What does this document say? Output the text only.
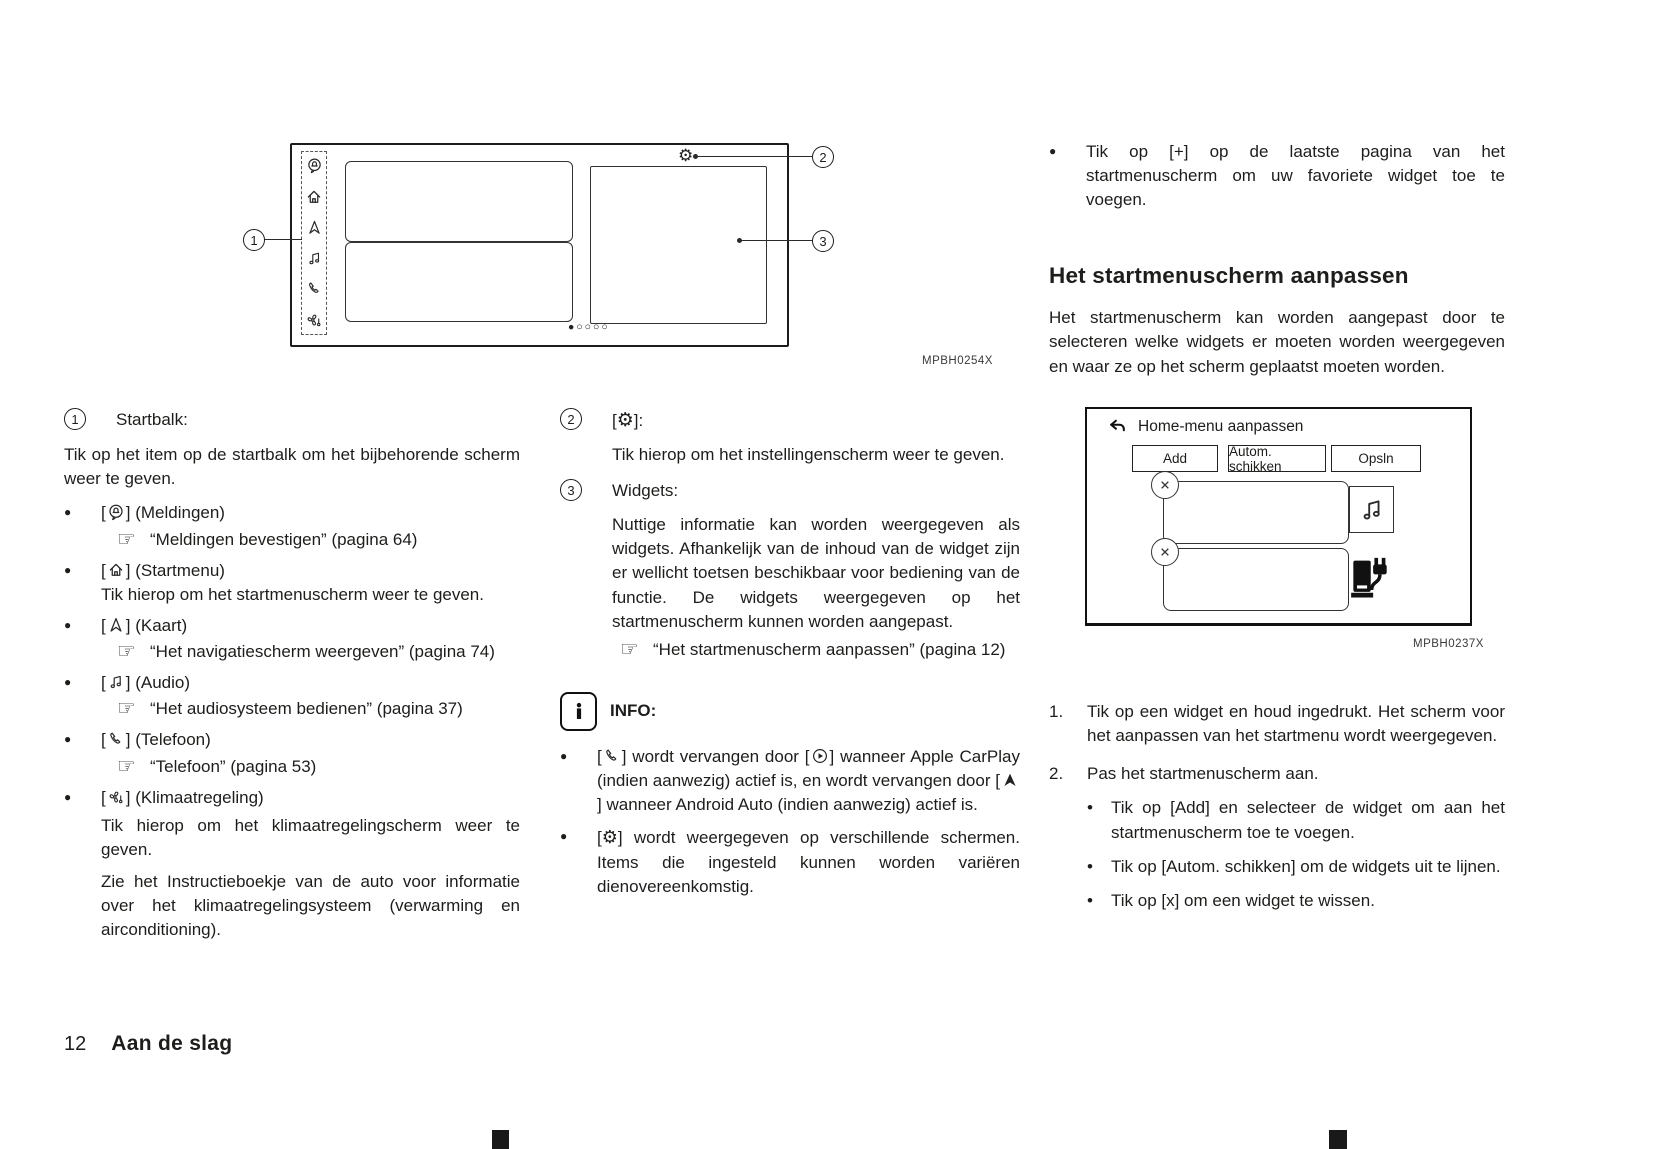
⚙
●○○○○
1
2
3
MPBH0254X
1	Startbalk:
Tik op het item op de startbalk om het bijbehorende scherm weer te geven.
●	[ ] (Meldingen)
☞ “Meldingen bevestigen” (pagina 64)
●	[ ] (Startmenu)
Tik hierop om het startmenuscherm weer te geven.
●	[ ] (Kaart)
☞ “Het navigatiescherm weergeven” (pagina 74)
●	[ ] (Audio)
☞ “Het audiosysteem bedienen” (pagina 37)
●	[ ] (Telefoon)
☞ “Telefoon” (pagina 53)
●	[ ] (Klimaatregeling)
Tik hierop om het klimaatregelingscherm weer te geven.
Zie het Instructieboekje van de auto voor informatie over het klimaatregelingsysteem (verwarming en airconditioning).
2	[⚙]:
Tik hierop om het instellingenscherm weer te geven.
3	Widgets:
Nuttige informatie kan worden weergegeven als widgets. Afhankelijk van de inhoud van de widget zijn er wellicht toetsen beschikbaar voor bediening van de functie. De widgets weergegeven op het startmenuscherm kunnen worden aangepast.
☞ “Het startmenuscherm aanpassen” (pagina 12)
INFO:
●	[ ] wordt vervangen door [ ] wanneer Apple CarPlay (indien aanwezig) actief is, en wordt vervangen door [
] wanneer Android Auto (indien aanwezig) actief is.
●	[⚙] wordt weergegeven op verschillende schermen. Items die ingesteld kunnen worden variëren dienovereenkomstig.
●	Tik op [+] op de laatste pagina van het startmenuscherm om uw favoriete widget toe te voegen.
Het startmenuscherm aanpassen
Het startmenuscherm kan worden aangepast door te selecteren welke widgets er moeten worden weergegeven en waar ze op het scherm geplaatst moeten worden.
Home-menu aanpassen
Add	Autom. schikken	Opsln
MPBH0237X
1.	Tik op een widget en houd ingedrukt. Het scherm voor het aanpassen van het startmenu wordt weergegeven.
2.	Pas het startmenuscherm aan.
•	Tik op [Add] en selecteer de widget om aan het startmenuscherm toe te voegen.
•	Tik op [Autom. schikken] om de widgets uit te lijnen.
•	Tik op [x] om een widget te wissen.
12 Aan de slag
